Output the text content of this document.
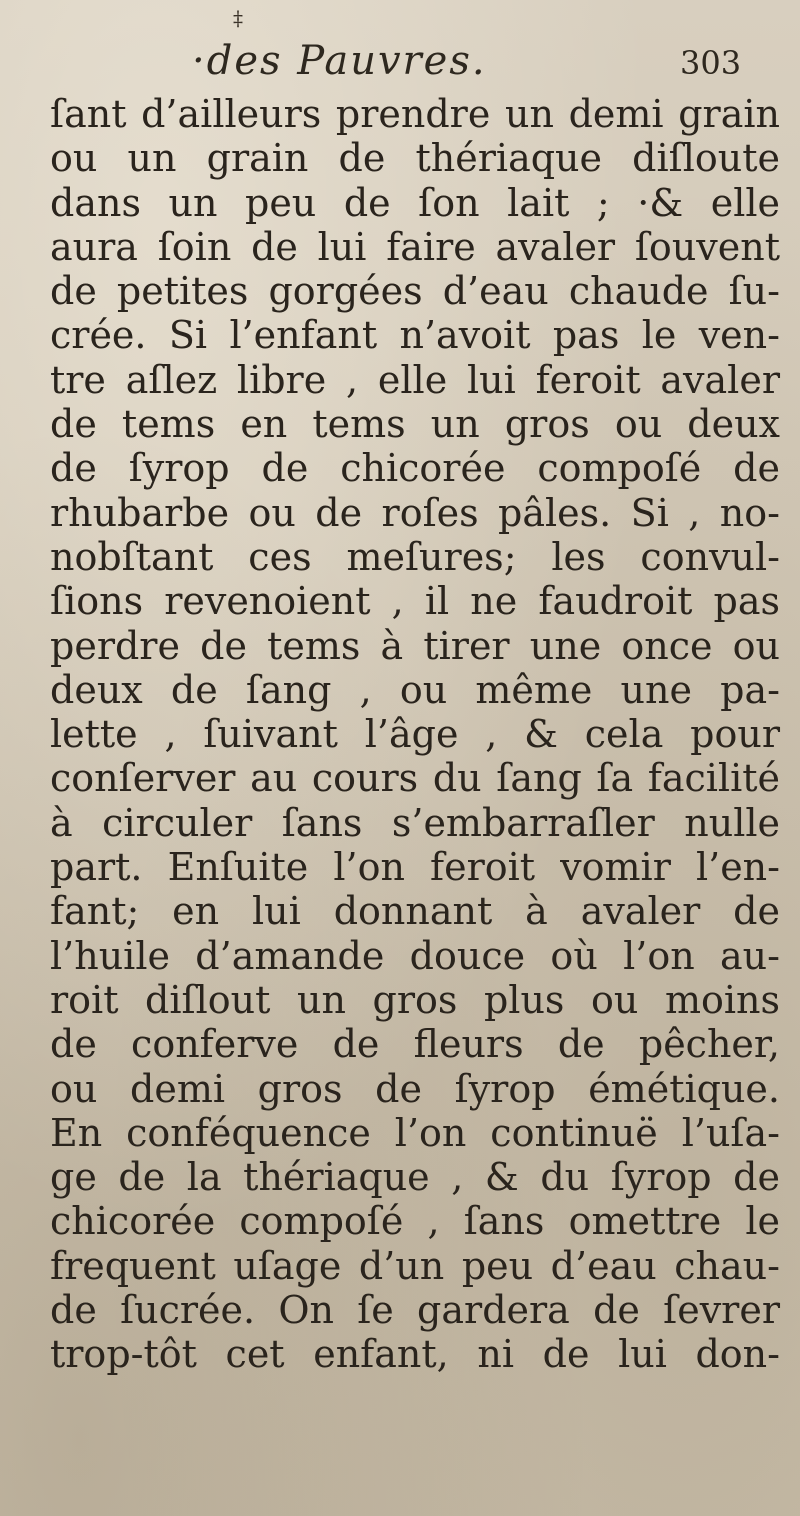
‡
·des Pauvres.	303
ſant d’ailleurs prendre un demi grain
ou un grain de thériaque diſloute
dans un peu de ſon lait ; ·& elle
aura ſoin de lui faire avaler ſouvent
de petites gorgées d’eau chaude ſu-
crée. Si l’enfant n’avoit pas le ven-
tre aſlez libre , elle lui feroit avaler
de tems en tems un gros ou deux
de ſyrop de chicorée compoſé de
rhubarbe ou de roſes pâles. Si , no-
nobſtant ces meſures; les convul-
ſions revenoient , il ne faudroit pas
perdre de tems à tirer une once ou
deux de ſang , ou même une pa-
lette , ſuivant l’âge , & cela pour
conſerver au cours du ſang ſa facilité
à circuler ſans s’embarraſler nulle
part. Enſuite l’on feroit vomir l’en-
fant; en lui donnant à avaler de
l’huile d’amande douce où l’on au-
roit diſlout un gros plus ou moins
de conferve de fleurs de pêcher,
ou demi gros de ſyrop émétique.
En conféquence l’on continuë l’uſa-
ge de la thériaque , & du ſyrop de
chicorée compoſé , ſans omettre le
frequent uſage d’un peu d’eau chau-
de ſucrée. On ſe gardera de ſevrer
trop-tôt cet enfant, ni de lui don-
